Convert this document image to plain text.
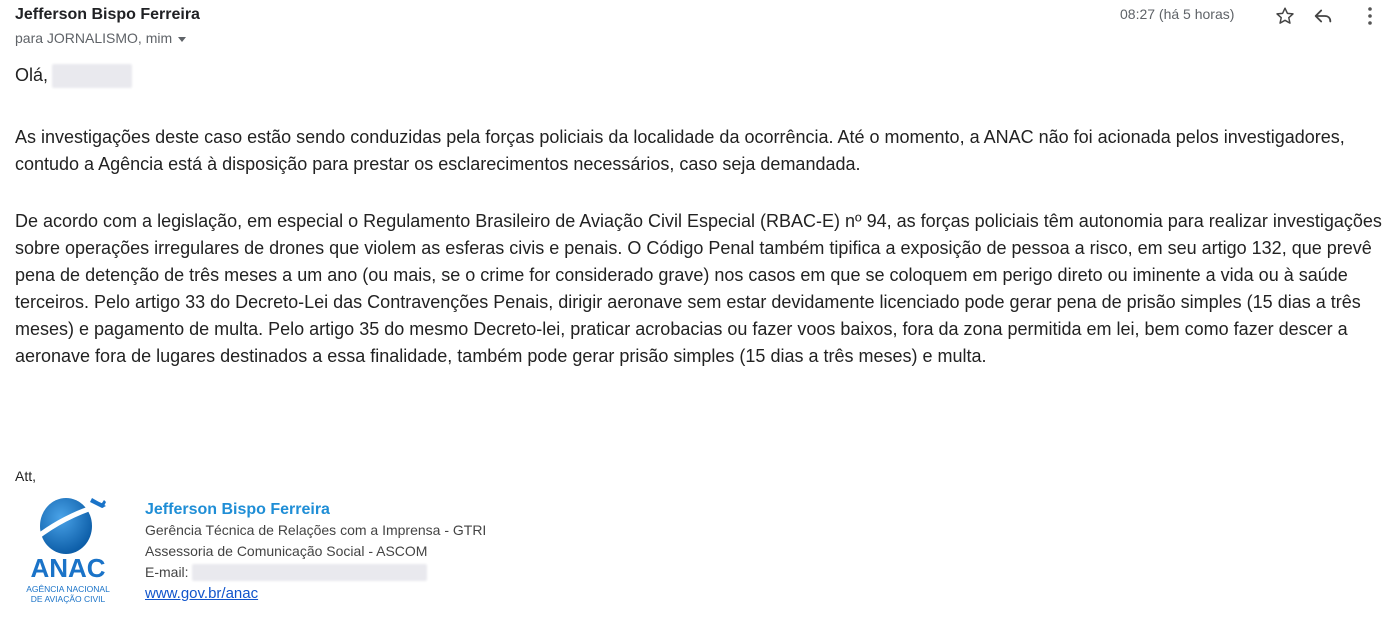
Jefferson Bispo Ferreira
para JORNALISMO, mim
08:27 (há 5 horas)
Olá,

As investigações deste caso estão sendo conduzidas pela forças policiais da localidade da ocorrência. Até o momento, a ANAC não foi acionada pelos investigadores, contudo a Agência está à disposição para prestar os esclarecimentos necessários, caso seja demandada.

De acordo com a legislação, em especial o Regulamento Brasileiro de Aviação Civil Especial (RBAC-E) nº 94, as forças policiais têm autonomia para realizar investigações sobre operações irregulares de drones que violem as esferas civis e penais. O Código Penal também tipifica a exposição de pessoa a risco, em seu artigo 132, que prevê pena de detenção de três meses a um ano (ou mais, se o crime for considerado grave) nos casos em que se coloquem em perigo direto ou iminente a vida ou à saúde terceiros. Pelo artigo 33 do Decreto-Lei das Contravenções Penais, dirigir aeronave sem estar devidamente licenciado pode gerar pena de prisão simples (15 dias a três meses) e pagamento de multa. Pelo artigo 35 do mesmo Decreto-lei, praticar acrobacias ou fazer voos baixos, fora da zona permitida em lei, bem como fazer descer a aeronave fora de lugares destinados a essa finalidade, também pode gerar prisão simples (15 dias a três meses) e multa.

Att,
ANAC
AGÊNCIA NACIONAL
DE AVIAÇÃO CIVIL
Jefferson Bispo Ferreira
Gerência Técnica de Relações com a Imprensa - GTRI
Assessoria de Comunicação Social - ASCOM
E-mail:
www.gov.br/anac
